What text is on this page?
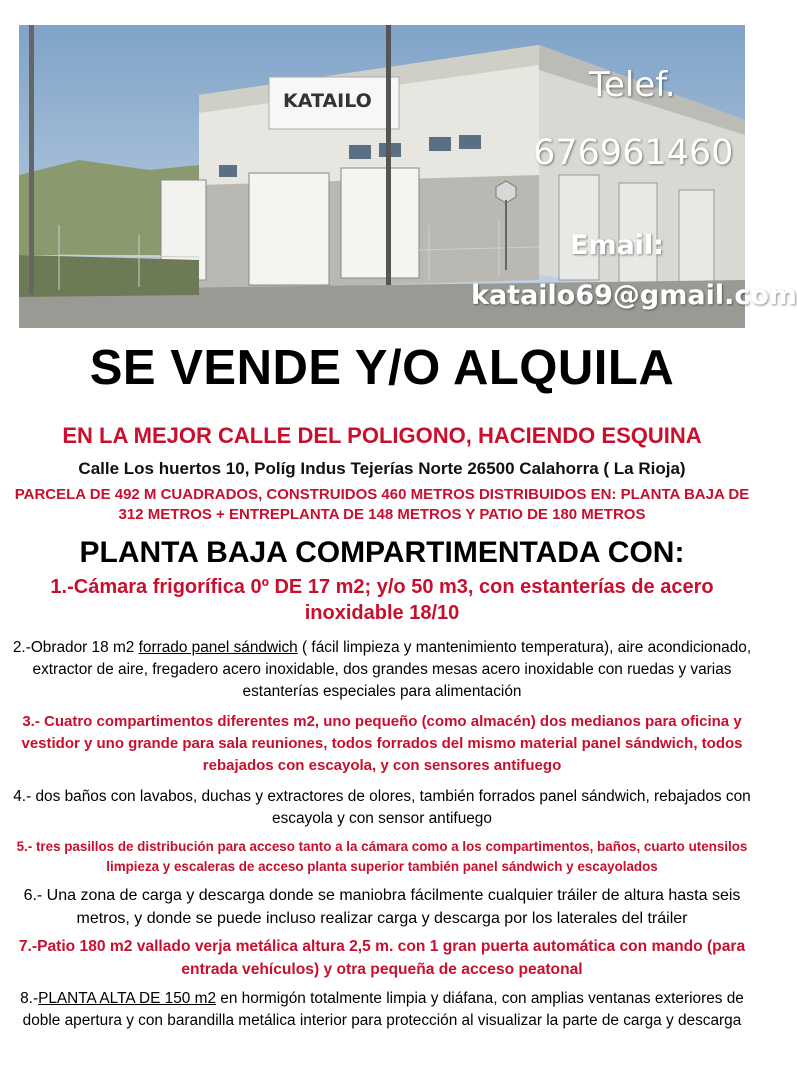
KATAILO	Telef.
676961460
Email:
katailo69@gmail.com
SE VENDE Y/O ALQUILA
EN LA MEJOR CALLE DEL POLIGONO, HACIENDO ESQUINA
Calle Los huertos 10, Políg Indus Tejerías Norte 26500 Calahorra ( La Rioja)
PARCELA DE 492 M CUADRADOS, CONSTRUIDOS 460 METROS DISTRIBUIDOS EN: PLANTA BAJA DE 312 METROS + ENTREPLANTA DE 148 METROS Y PATIO DE 180 METROS
PLANTA BAJA COMPARTIMENTADA CON:
1.-Cámara frigorífica 0º DE 17 m2; y/o 50 m3, con estanterías de acero inoxidable 18/10
2.-Obrador 18 m2 forrado panel sándwich ( fácil limpieza y mantenimiento temperatura), aire acondicionado, extractor de aire, fregadero acero inoxidable, dos grandes mesas acero inoxidable con ruedas y varias estanterías especiales para alimentación
3.- Cuatro compartimentos diferentes m2, uno pequeño (como almacén) dos medianos para oficina y vestidor y uno grande para sala reuniones, todos forrados del mismo material panel sándwich, todos rebajados con escayola, y con sensores antifuego
4.- dos baños con lavabos, duchas y extractores de olores, también forrados panel sándwich, rebajados con escayola y con sensor antifuego
5.- tres pasillos de distribución para acceso tanto a la cámara como a los compartimentos, baños, cuarto utensilos limpieza y escaleras de acceso planta superior también panel sándwich y escayolados
6.- Una zona de carga y descarga donde se maniobra fácilmente cualquier tráiler de altura hasta seis metros, y donde se puede incluso realizar carga y descarga por los laterales del tráiler
7.-Patio 180 m2 vallado verja metálica altura 2,5 m. con 1 gran puerta automática con mando (para entrada vehículos) y otra pequeña de acceso peatonal
8.-PLANTA ALTA DE 150 m2 en hormigón totalmente limpia y diáfana, con amplias ventanas exteriores de doble apertura y con barandilla metálica interior para protección al visualizar la parte de carga y descarga
